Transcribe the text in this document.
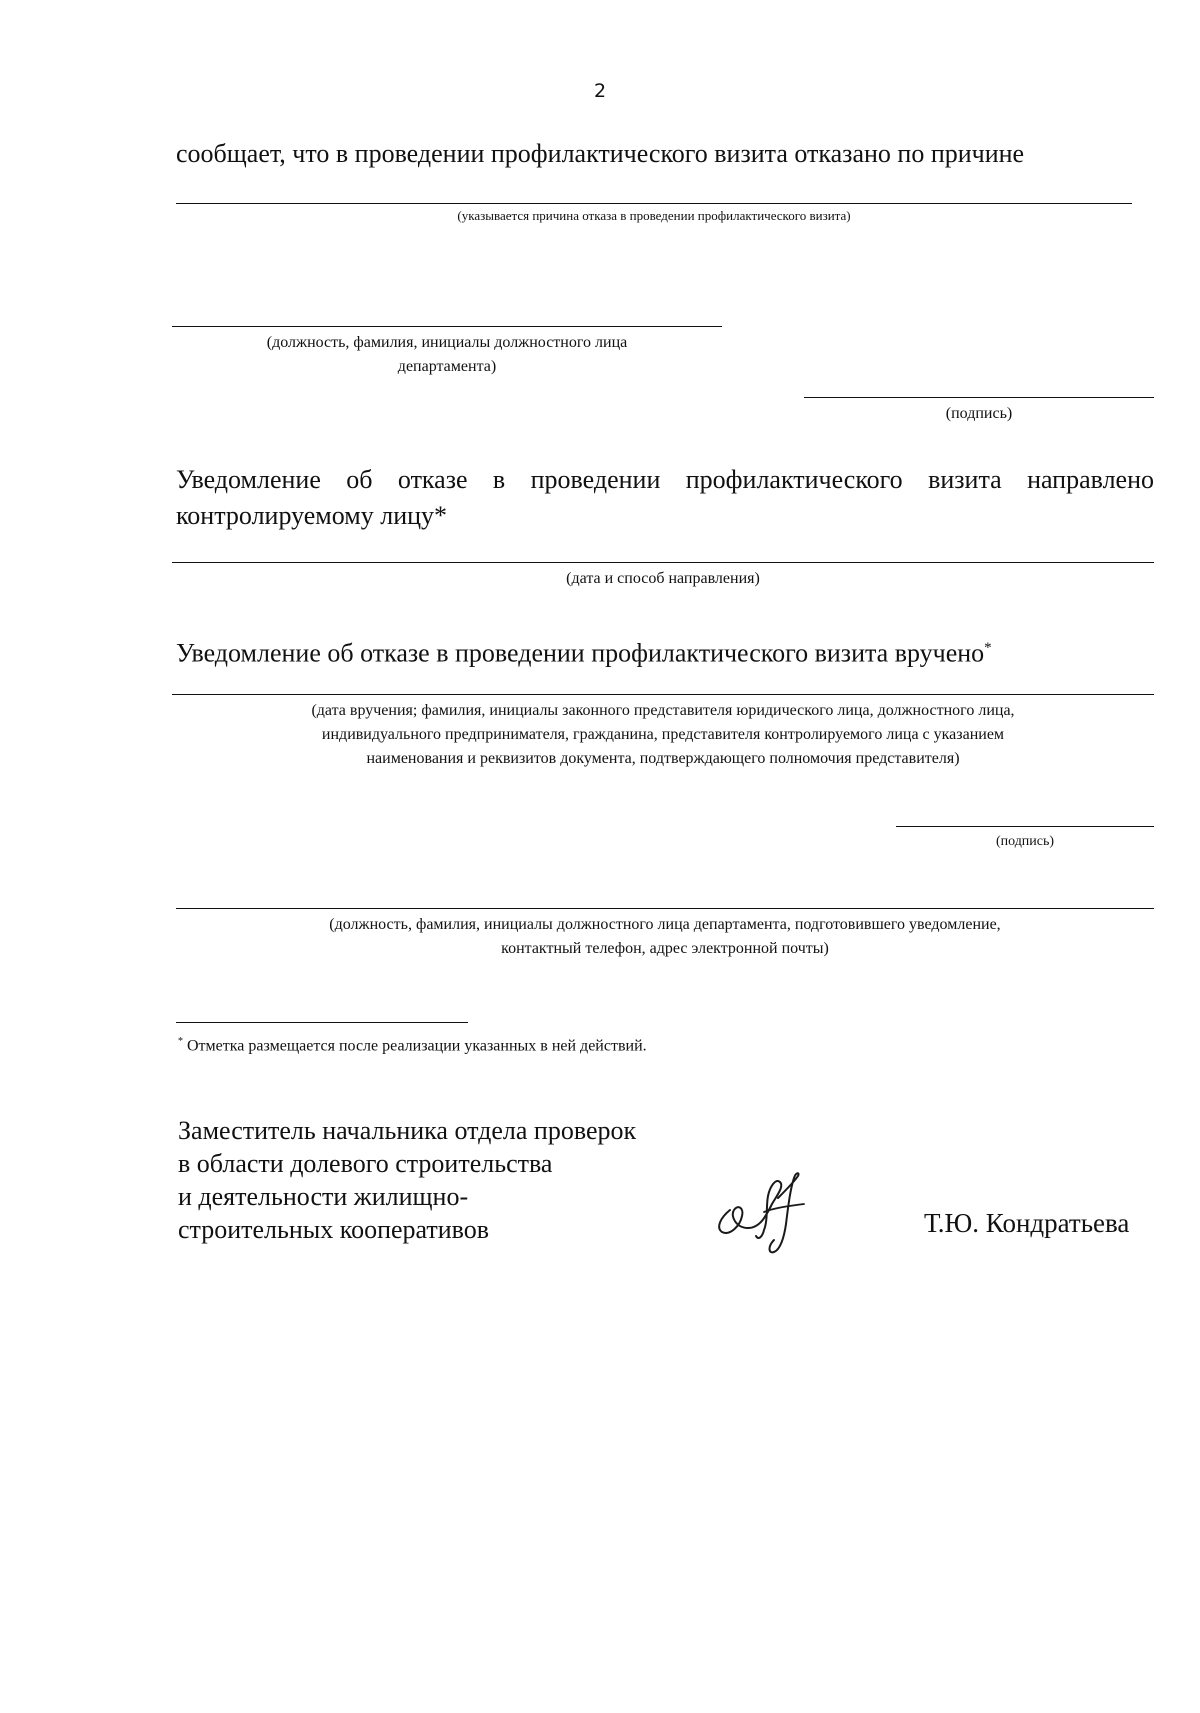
2
сообщает, что в проведении профилактического визита отказано по причине
(указывается причина отказа в проведении профилактического визита)
(должность, фамилия, инициалы должностного лица
департамента)
(подпись)
Уведомление об отказе в проведении профилактического визита направлено
контролируемому лицу*
(дата и способ направления)
Уведомление об отказе в проведении профилактического визита вручено*
(дата вручения; фамилия, инициалы законного представителя юридического лица, должностного лица,
индивидуального предпринимателя, гражданина, представителя контролируемого лица с указанием
наименования и реквизитов документа, подтверждающего полномочия представителя)
(подпись)
(должность, фамилия, инициалы должностного лица департамента, подготовившего уведомление,
контактный телефон, адрес электронной почты)
* Отметка размещается после реализации указанных в ней действий.
Заместитель начальника отдела проверок
в области долевого строительства
и деятельности жилищно-
строительных кооперативов	Т.Ю. Кондратьева
